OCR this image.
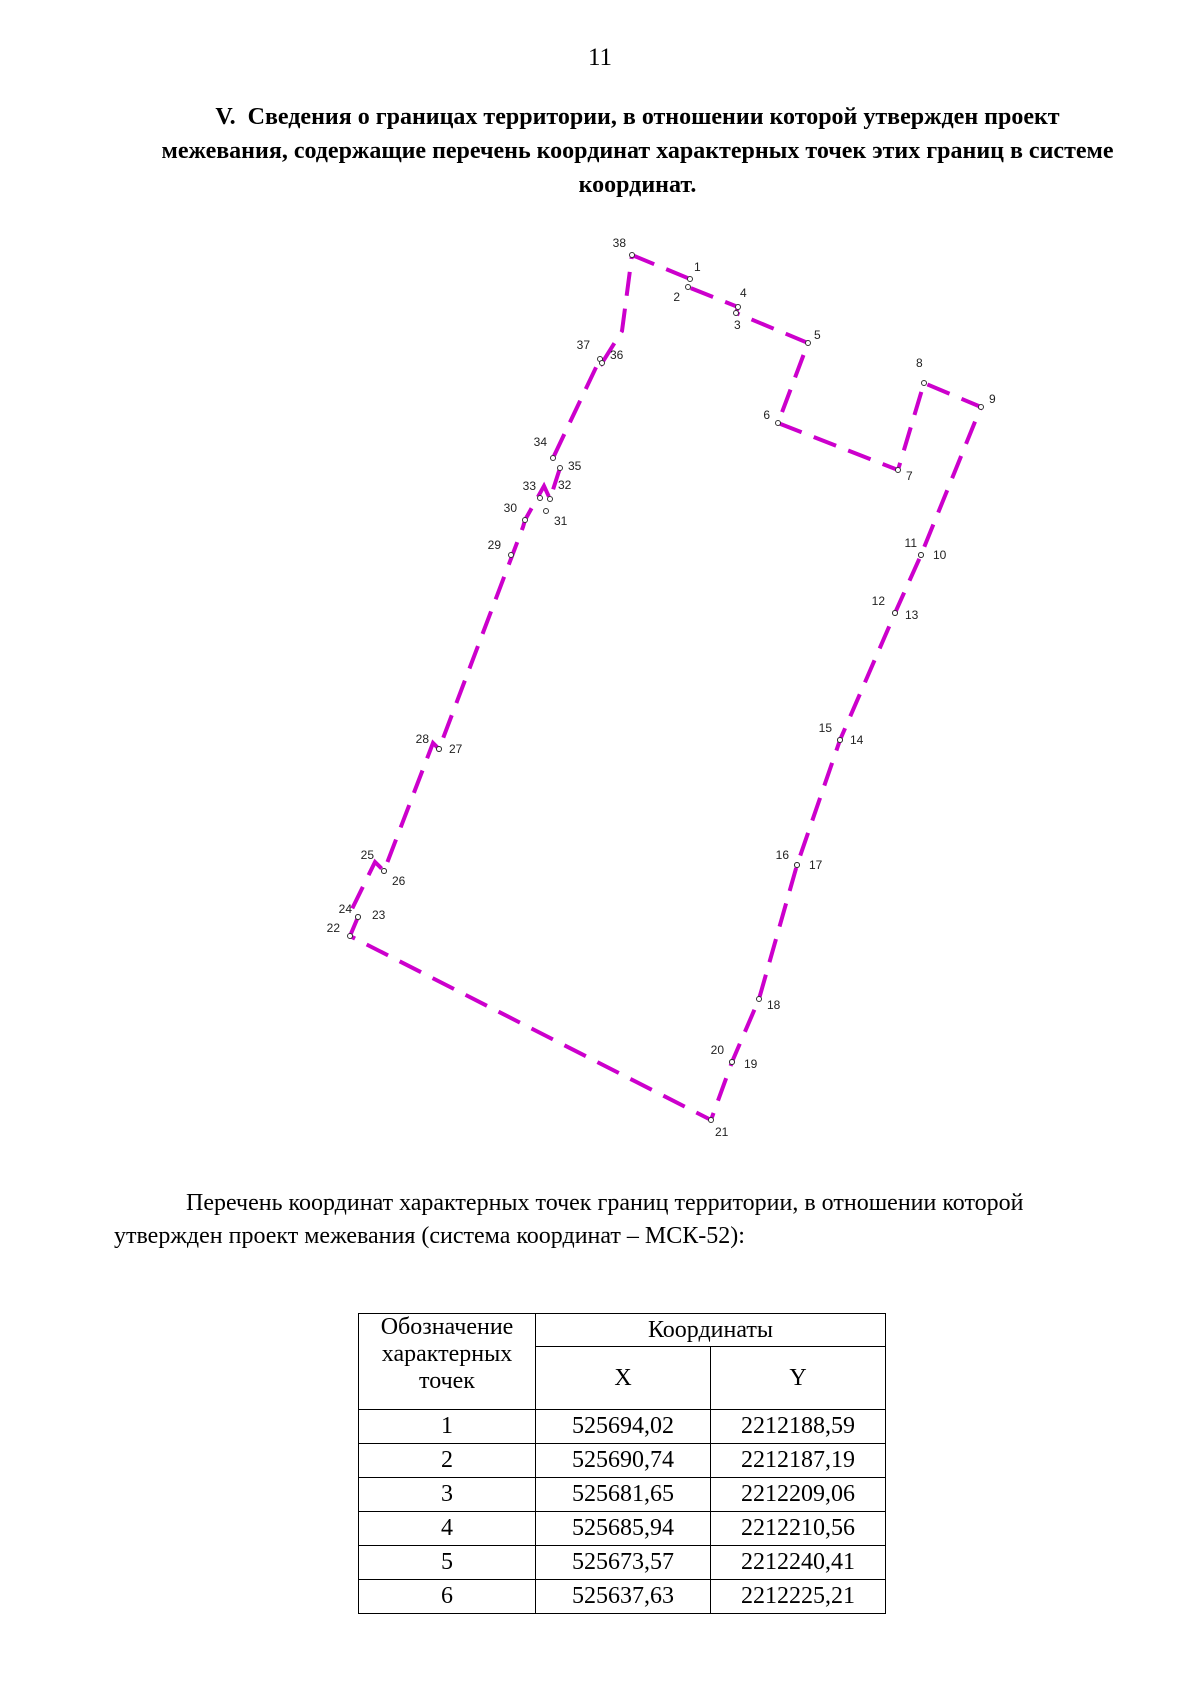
11
V. Сведения о границах территории, в отношении которой утвержден проект межевания, содержащие перечень координат характерных точек этих границ в системе координат.
38
1
2	4
3
5
37
36
34
35
8
9
6
7
33
30
32
31
11
10
29
12
13
28
27
15
14
16
17
25
26
24 23
22
18
20
19
21

Перечень координат характерных точек границ территории, в отношении которой утвержден проект межевания (система координат – МСК-52):

Обозначение характерных точек	Координаты	
	X	Y
1	525694,02	2212188,59
2	525690,74	2212187,19
3	525681,65	2212209,06
4	525685,94	2212210,56
5	525673,57	2212240,41
6	525637,63	2212225,21
